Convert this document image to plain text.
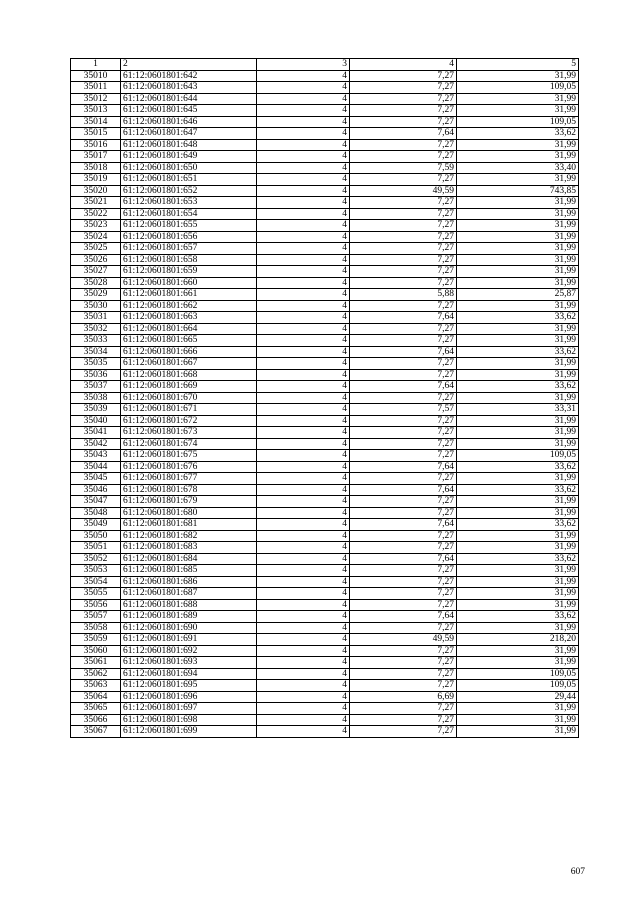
1	2	3	4	5
35010	61:12:0601801:642	4	7,27	31,99
35011	61:12:0601801:643	4	7,27	109,05
35012	61:12:0601801:644	4	7,27	31,99
35013	61:12:0601801:645	4	7,27	31,99
35014	61:12:0601801:646	4	7,27	109,05
35015	61:12:0601801:647	4	7,64	33,62
35016	61:12:0601801:648	4	7,27	31,99
35017	61:12:0601801:649	4	7,27	31,99
35018	61:12:0601801:650	4	7,59	33,40
35019	61:12:0601801:651	4	7,27	31,99
35020	61:12:0601801:652	4	49,59	743,85
35021	61:12:0601801:653	4	7,27	31,99
35022	61:12:0601801:654	4	7,27	31,99
35023	61:12:0601801:655	4	7,27	31,99
35024	61:12:0601801:656	4	7,27	31,99
35025	61:12:0601801:657	4	7,27	31,99
35026	61:12:0601801:658	4	7,27	31,99
35027	61:12:0601801:659	4	7,27	31,99
35028	61:12:0601801:660	4	7,27	31,99
35029	61:12:0601801:661	4	5,88	25,87
35030	61:12:0601801:662	4	7,27	31,99
35031	61:12:0601801:663	4	7,64	33,62
35032	61:12:0601801:664	4	7,27	31,99
35033	61:12:0601801:665	4	7,27	31,99
35034	61:12:0601801:666	4	7,64	33,62
35035	61:12:0601801:667	4	7,27	31,99
35036	61:12:0601801:668	4	7,27	31,99
35037	61:12:0601801:669	4	7,64	33,62
35038	61:12:0601801:670	4	7,27	31,99
35039	61:12:0601801:671	4	7,57	33,31
35040	61:12:0601801:672	4	7,27	31,99
35041	61:12:0601801:673	4	7,27	31,99
35042	61:12:0601801:674	4	7,27	31,99
35043	61:12:0601801:675	4	7,27	109,05
35044	61:12:0601801:676	4	7,64	33,62
35045	61:12:0601801:677	4	7,27	31,99
35046	61:12:0601801:678	4	7,64	33,62
35047	61:12:0601801:679	4	7,27	31,99
35048	61:12:0601801:680	4	7,27	31,99
35049	61:12:0601801:681	4	7,64	33,62
35050	61:12:0601801:682	4	7,27	31,99
35051	61:12:0601801:683	4	7,27	31,99
35052	61:12:0601801:684	4	7,64	33,62
35053	61:12:0601801:685	4	7,27	31,99
35054	61:12:0601801:686	4	7,27	31,99
35055	61:12:0601801:687	4	7,27	31,99
35056	61:12:0601801:688	4	7,27	31,99
35057	61:12:0601801:689	4	7,64	33,62
35058	61:12:0601801:690	4	7,27	31,99
35059	61:12:0601801:691	4	49,59	218,20
35060	61:12:0601801:692	4	7,27	31,99
35061	61:12:0601801:693	4	7,27	31,99
35062	61:12:0601801:694	4	7,27	109,05
35063	61:12:0601801:695	4	7,27	109,05
35064	61:12:0601801:696	4	6,69	29,44
35065	61:12:0601801:697	4	7,27	31,99
35066	61:12:0601801:698	4	7,27	31,99
35067	61:12:0601801:699	4	7,27	31,99
607
